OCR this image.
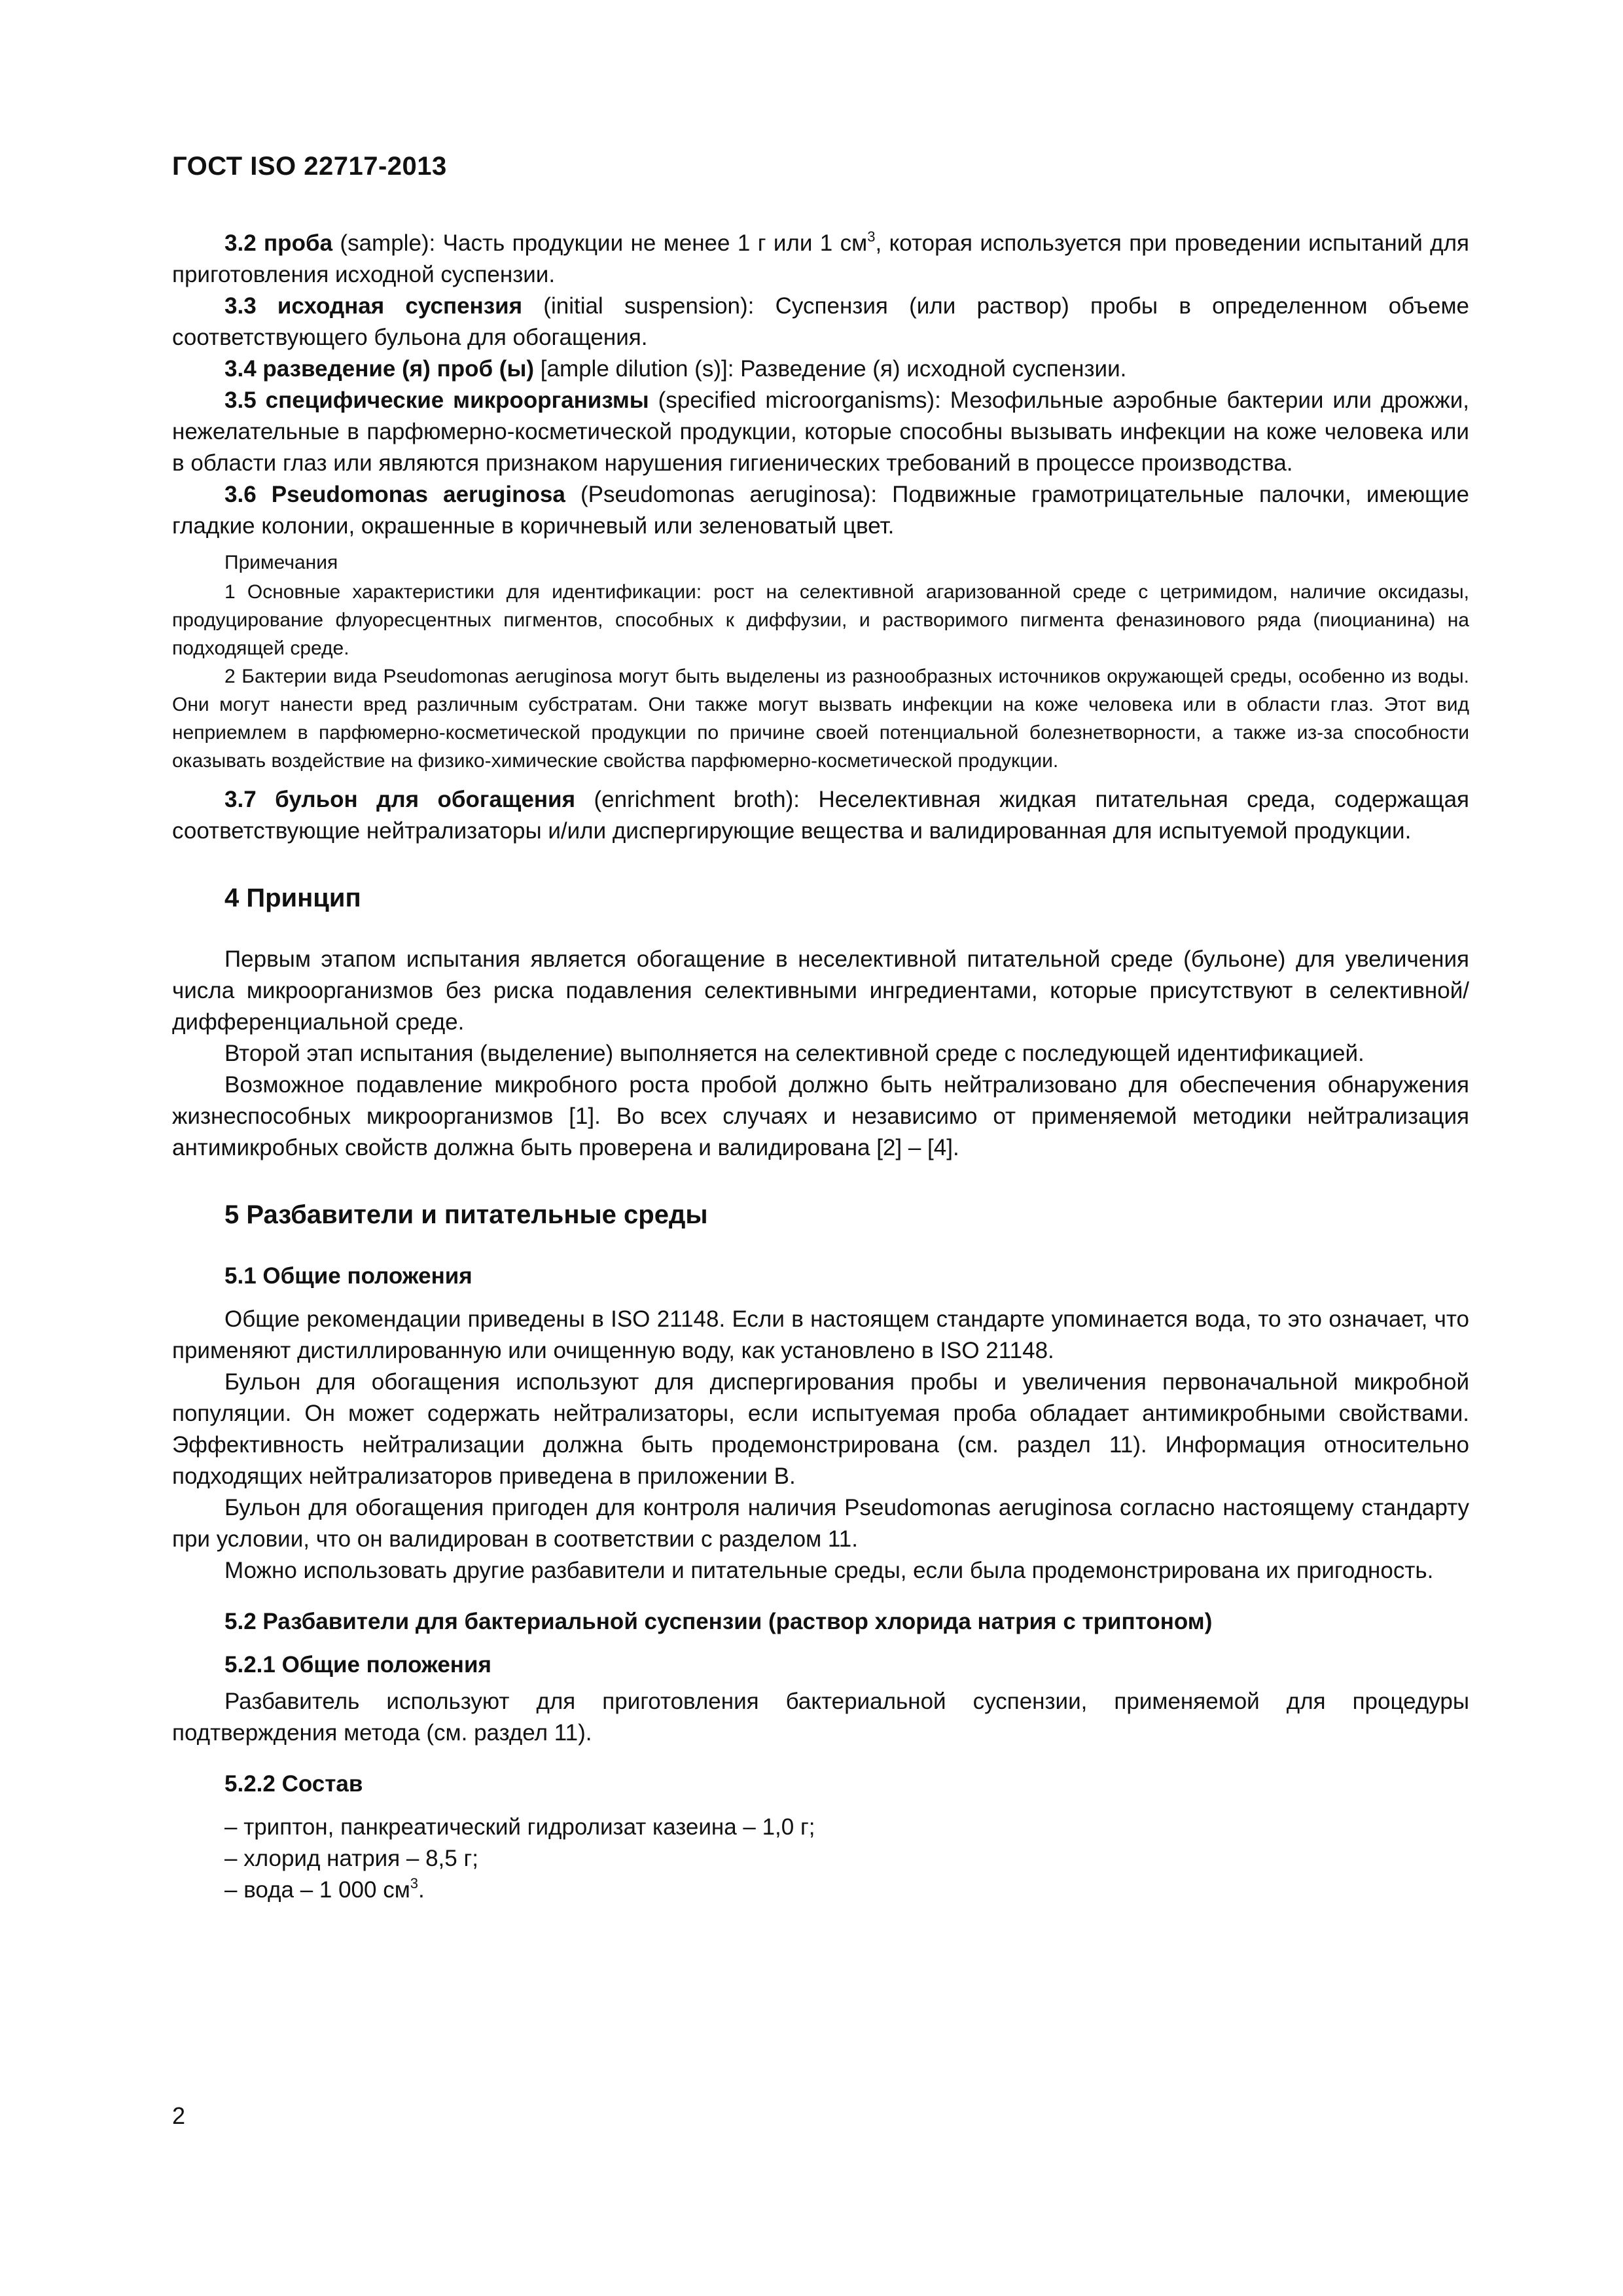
ГОСТ ISO 22717-2013

3.2 проба (sample): Часть продукции не менее 1 г или 1 $см^3$, которая используется при проведении испытаний для приготовления исходной суспензии.

3.3 исходная суспензия (initial suspension): Суспензия (или раствор) пробы в определенном объеме соответствующего бульона для обогащения.

3.4 разведение (я) проб (ы) [ample dilution (s)]: Разведение (я) исходной суспензии.

3.5 специфические микроорганизмы (specified microorganisms): Мезофильные аэробные бактерии или дрожжи, нежелательные в парфюмерно-косметической продукции, которые способны вызывать инфекции на коже человека или в области глаз или являются признаком нарушения гигиенических требований в процессе производства.

3.6 Pseudomonas aeruginosa (Pseudomonas aeruginosa): Подвижные грамотрицательные палочки, имеющие гладкие колонии, окрашенные в коричневый или зеленоватый цвет.

Примечания

1 Основные характеристики для идентификации: рост на селективной агаризованной среде с цетримидом, наличие оксидазы, продуцирование флуоресцентных пигментов, способных к диффузии, и растворимого пигмента феназинового ряда (пиоцианина) на подходящей среде.

2 Бактерии вида Pseudomonas aeruginosa могут быть выделены из разнообразных источников окружающей среды, особенно из воды. Они могут нанести вред различным субстратам. Они также могут вызвать инфекции на коже человека или в области глаз. Этот вид неприемлем в парфюмерно-косметической продукции по причине своей потенциальной болезнетворности, а также из-за способности оказывать воздействие на физико-химические свойства парфюмерно-косметической продукции.

3.7 бульон для обогащения (enrichment broth): Неселективная жидкая питательная среда, содержащая соответствующие нейтрализаторы и/или диспергирующие вещества и валидированная для испытуемой продукции.

4 Принцип

Первым этапом испытания является обогащение в неселективной питательной среде (бульоне) для увеличения числа микроорганизмов без риска подавления селективными ингредиентами, которые присутствуют в селективной/дифференциальной среде.

Второй этап испытания (выделение) выполняется на селективной среде с последующей идентификацией.

Возможное подавление микробного роста пробой должно быть нейтрализовано для обеспечения обнаружения жизнеспособных микроорганизмов [1]. Во всех случаях и независимо от применяемой методики нейтрализация антимикробных свойств должна быть проверена и валидирована [2] – [4].

5 Разбавители и питательные среды
5.1 Общие положения

Общие рекомендации приведены в ISO 21148. Если в настоящем стандарте упоминается вода, то это означает, что применяют дистиллированную или очищенную воду, как установлено в ISO 21148.

Бульон для обогащения используют для диспергирования пробы и увеличения первоначальной микробной популяции. Он может содержать нейтрализаторы, если испытуемая проба обладает антимикробными свойствами. Эффективность нейтрализации должна быть продемонстрирована (см. раздел 11). Информация относительно подходящих нейтрализаторов приведена в приложении В.

Бульон для обогащения пригоден для контроля наличия Pseudomonas aeruginosa согласно настоящему стандарту при условии, что он валидирован в соответствии с разделом 11.

Можно использовать другие разбавители и питательные среды, если была продемонстрирована их пригодность.

5.2 Разбавители для бактериальной суспензии (раствор хлорида натрия с триптоном)
5.2.1 Общие положения

Разбавитель используют для приготовления бактериальной суспензии, применяемой для процедуры подтверждения метода (см. раздел 11).

5.2.2 Состав

– триптон, панкреатический гидролизат казеина – 1,0 г;

– хлорид натрия – 8,5 г;

– вода – 1 000 $см^3$.

2
